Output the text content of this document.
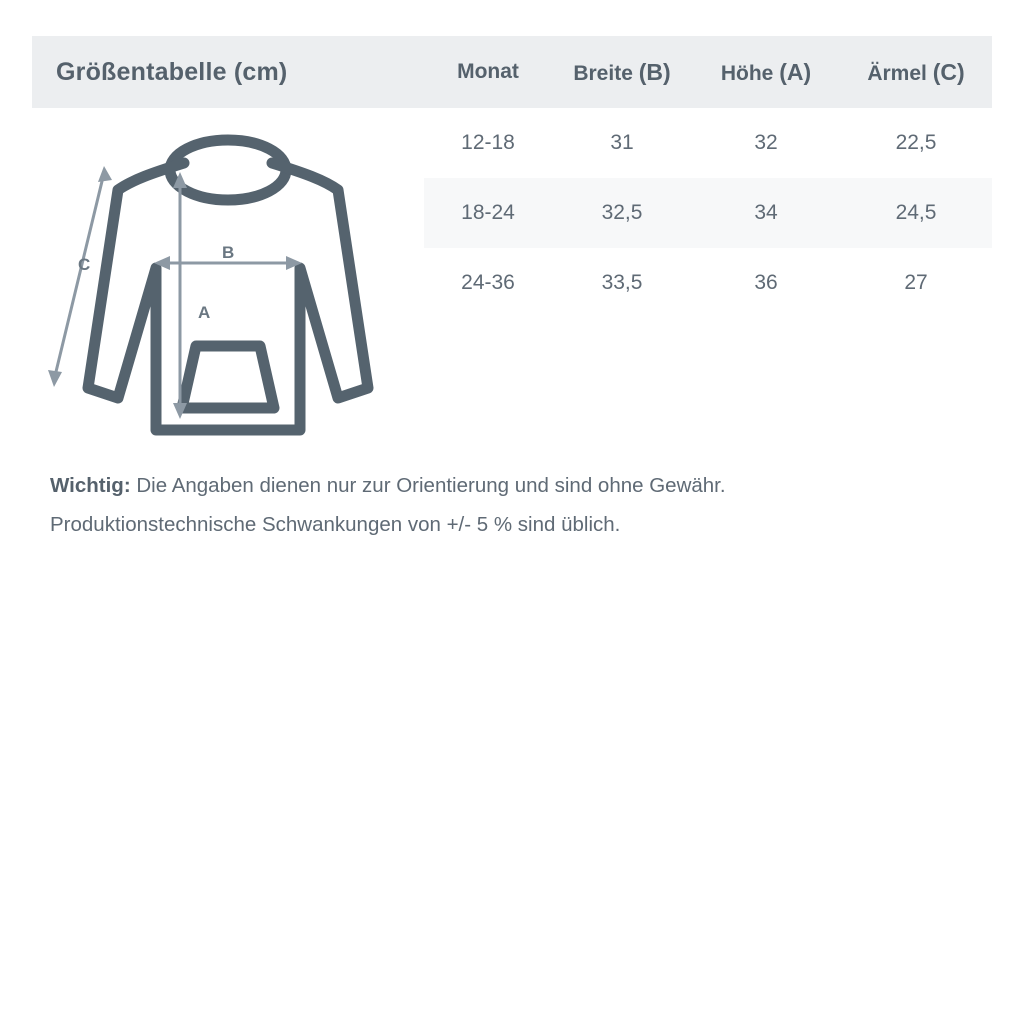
Größentabelle (cm)	Monat	Breite (B)	Höhe (A)	Ärmel (C)
12-18	31	32	22,5
18-24	32,5	34	24,5
24-36	33,5	36	27
C
B
A
Wichtig: Die Angaben dienen nur zur Orientierung und sind ohne Gewähr.
Produktionstechnische Schwankungen von +/- 5 % sind üblich.
